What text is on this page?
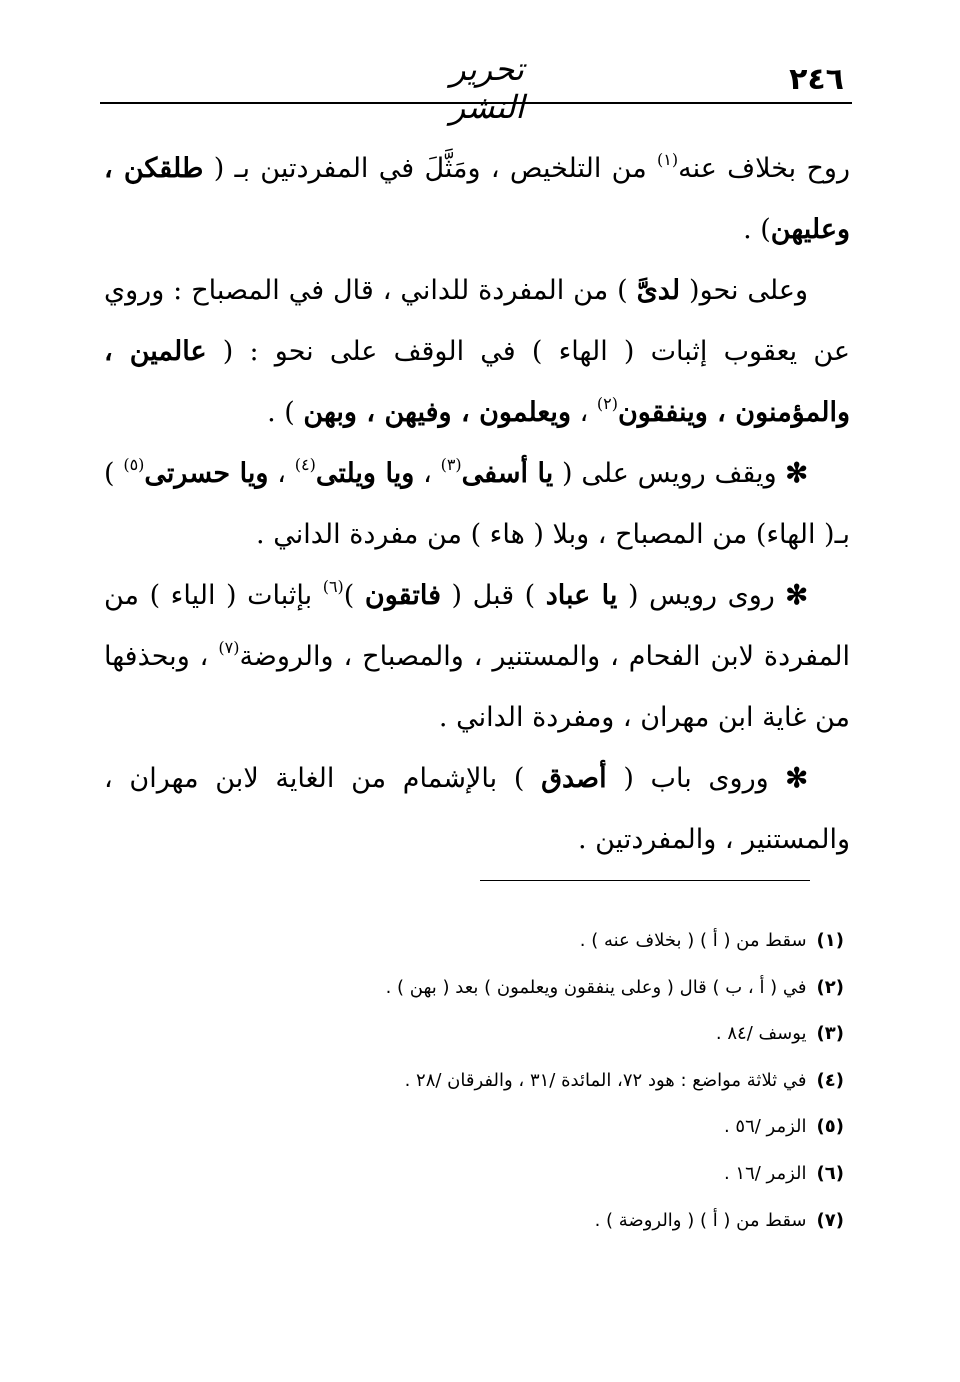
٢٤٦
تحرير النشر

روح بخلاف عنه$^{(١)}$ من التلخيص ، ومَثَّلَ في المفردتين بـ ( طلقكن ، وعليهن) .

وعلى نحو( لدىَّ ) من المفردة للداني ، قال في المصباح : وروي عن يعقوب إثبات ( الهاء ) في الوقف على نحو : ( عالمين ، والمؤمنون ، وينفقون$^{(٢)}$ ، ويعلمون ، وفيهن ، وبهن ) .

✻ ويقف رويس على ( يا أسفى$^{(٣)}$ ، ويا ويلتى$^{(٤)}$ ، ويا حسرتى$^{(٥)}$ ) بـ( الهاء) من المصباح ، وبلا ( هاء ) من مفردة الداني .

✻ روى رويس ( يا عباد ) قبل ( فاتقون )$^{(٦)}$ بإثبات ( الياء ) من المفردة لابن الفحام ، والمستنير ، والمصباح ، والروضة$^{(٧)}$ ، وبحذفها من غاية ابن مهران ، ومفردة الداني .

✻ وروى باب ( أصدق ) بالإشمام من الغاية لابن مهران ، والمستنير ، والمفردتين .

(١)سقط من ( أ ) ( بخلاف عنه ) .
(٢)في ( أ ، ب ) قال ( وعلى ينفقون ويعلمون ) بعد ( بهن ) .
(٣)يوسف /٨٤ .
(٤)في ثلاثة مواضع : هود ٧٢، المائدة /٣١ ، والفرقان /٢٨ .
(٥)الزمر /٥٦ .
(٦)الزمر /١٦ .
(٧)سقط من ( أ ) ( والروضة ) .
